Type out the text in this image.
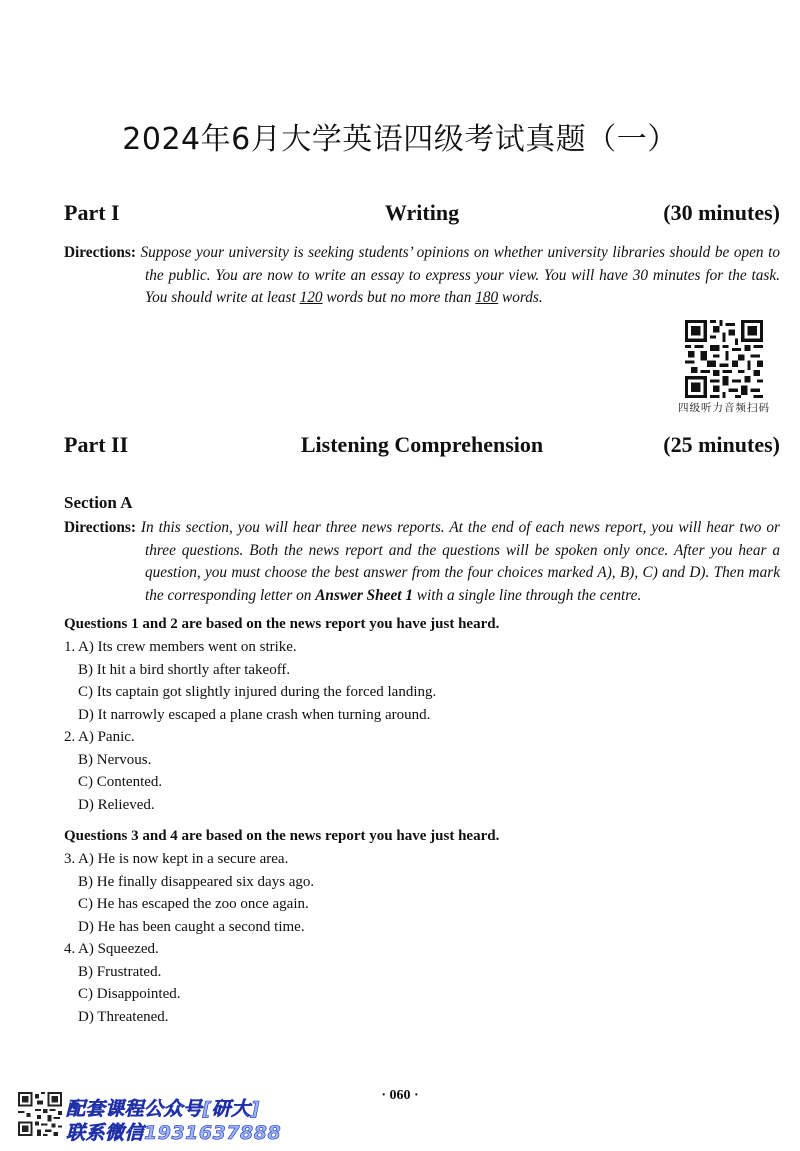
2024年6月大学英语四级考试真题（一）
Writing
Part I	(30 minutes)
Directions: Suppose your university is seeking students’ opinions on whether university libraries should be open to the public. You are now to write an essay to express your view. You will have 30 minutes for the task. You should write at least 120 words but no more than 180 words.
四级听力音频扫码
Listening Comprehension
Part II	(25 minutes)
Section A
Directions: In this section, you will hear three news reports. At the end of each news report, you will hear two or three questions. Both the news report and the questions will be spoken only once. After you hear a question, you must choose the best answer from the four choices marked A), B), C) and D). Then mark the corresponding letter on Answer Sheet 1 with a single line through the centre.
Questions 1 and 2 are based on the news report you have just heard.
1. A) Its crew members went on strike.
B) It hit a bird shortly after takeoff.
C) Its captain got slightly injured during the forced landing.
D) It narrowly escaped a plane crash when turning around.
2. A) Panic.
B) Nervous.
C) Contented.
D) Relieved.
Questions 3 and 4 are based on the news report you have just heard.
3. A) He is now kept in a secure area.
B) He finally disappeared six days ago.
C) He has escaped the zoo once again.
D) He has been caught a second time.
4. A) Squeezed.
B) Frustrated.
C) Disappointed.
D) Threatened.
· 060 ·
配套课程公众号[研大]
联系微信1931637888
